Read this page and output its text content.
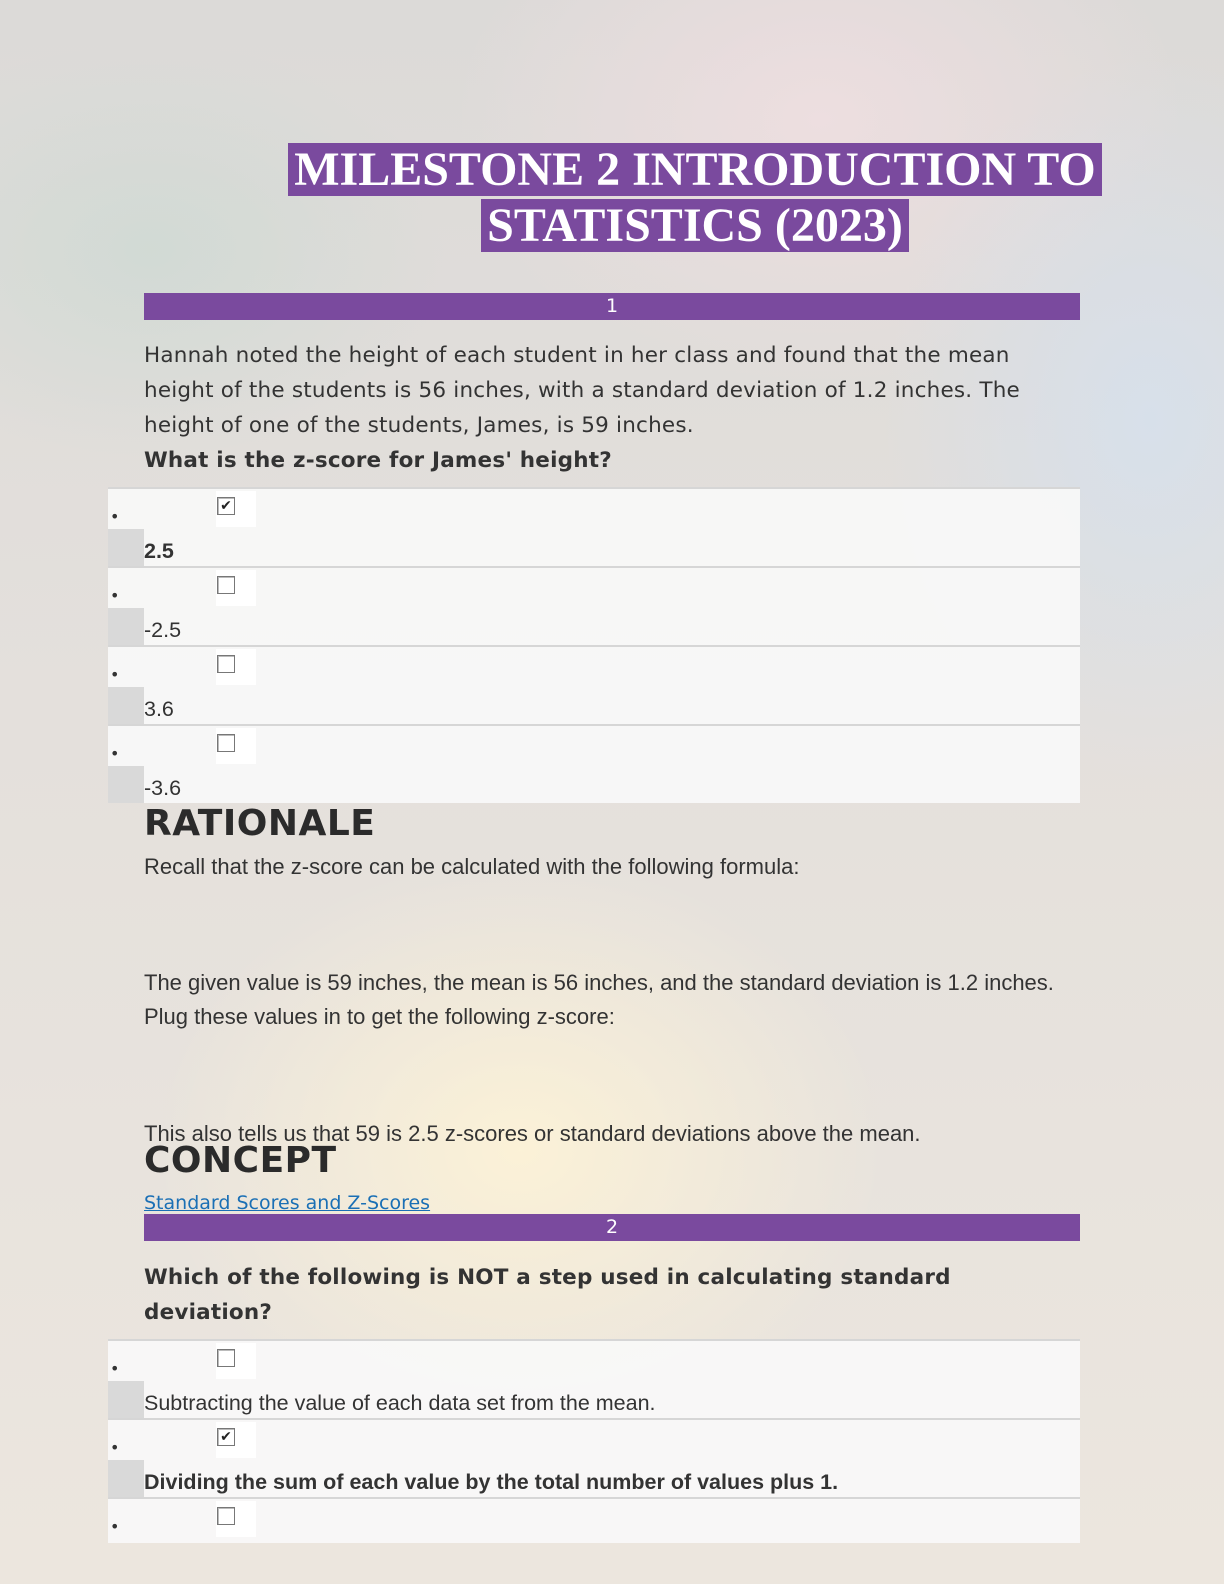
MILESTONE 2 INTRODUCTION TO
STATISTICS (2023)
1
Hannah noted the height of each student in her class and found that the mean height of the students is 56 inches, with a standard deviation of 1.2 inches. The height of one of the students, James, is 59 inches.
What is the z-score for James' height?
•
✔
2.5
•
-2.5
•
3.6
•
-3.6
RATIONALE
Recall that the z-score can be calculated with the following formula:
The given value is 59 inches, the mean is 56 inches, and the standard deviation is 1.2 inches. Plug these values in to get the following z-score:
This also tells us that 59 is 2.5 z-scores or standard deviations above the mean.
CONCEPT
Standard Scores and Z-Scores
2
Which of the following is NOT a step used in calculating standard deviation?
•
Subtracting the value of each data set from the mean.
•
✔
Dividing the sum of each value by the total number of values plus 1.
•
